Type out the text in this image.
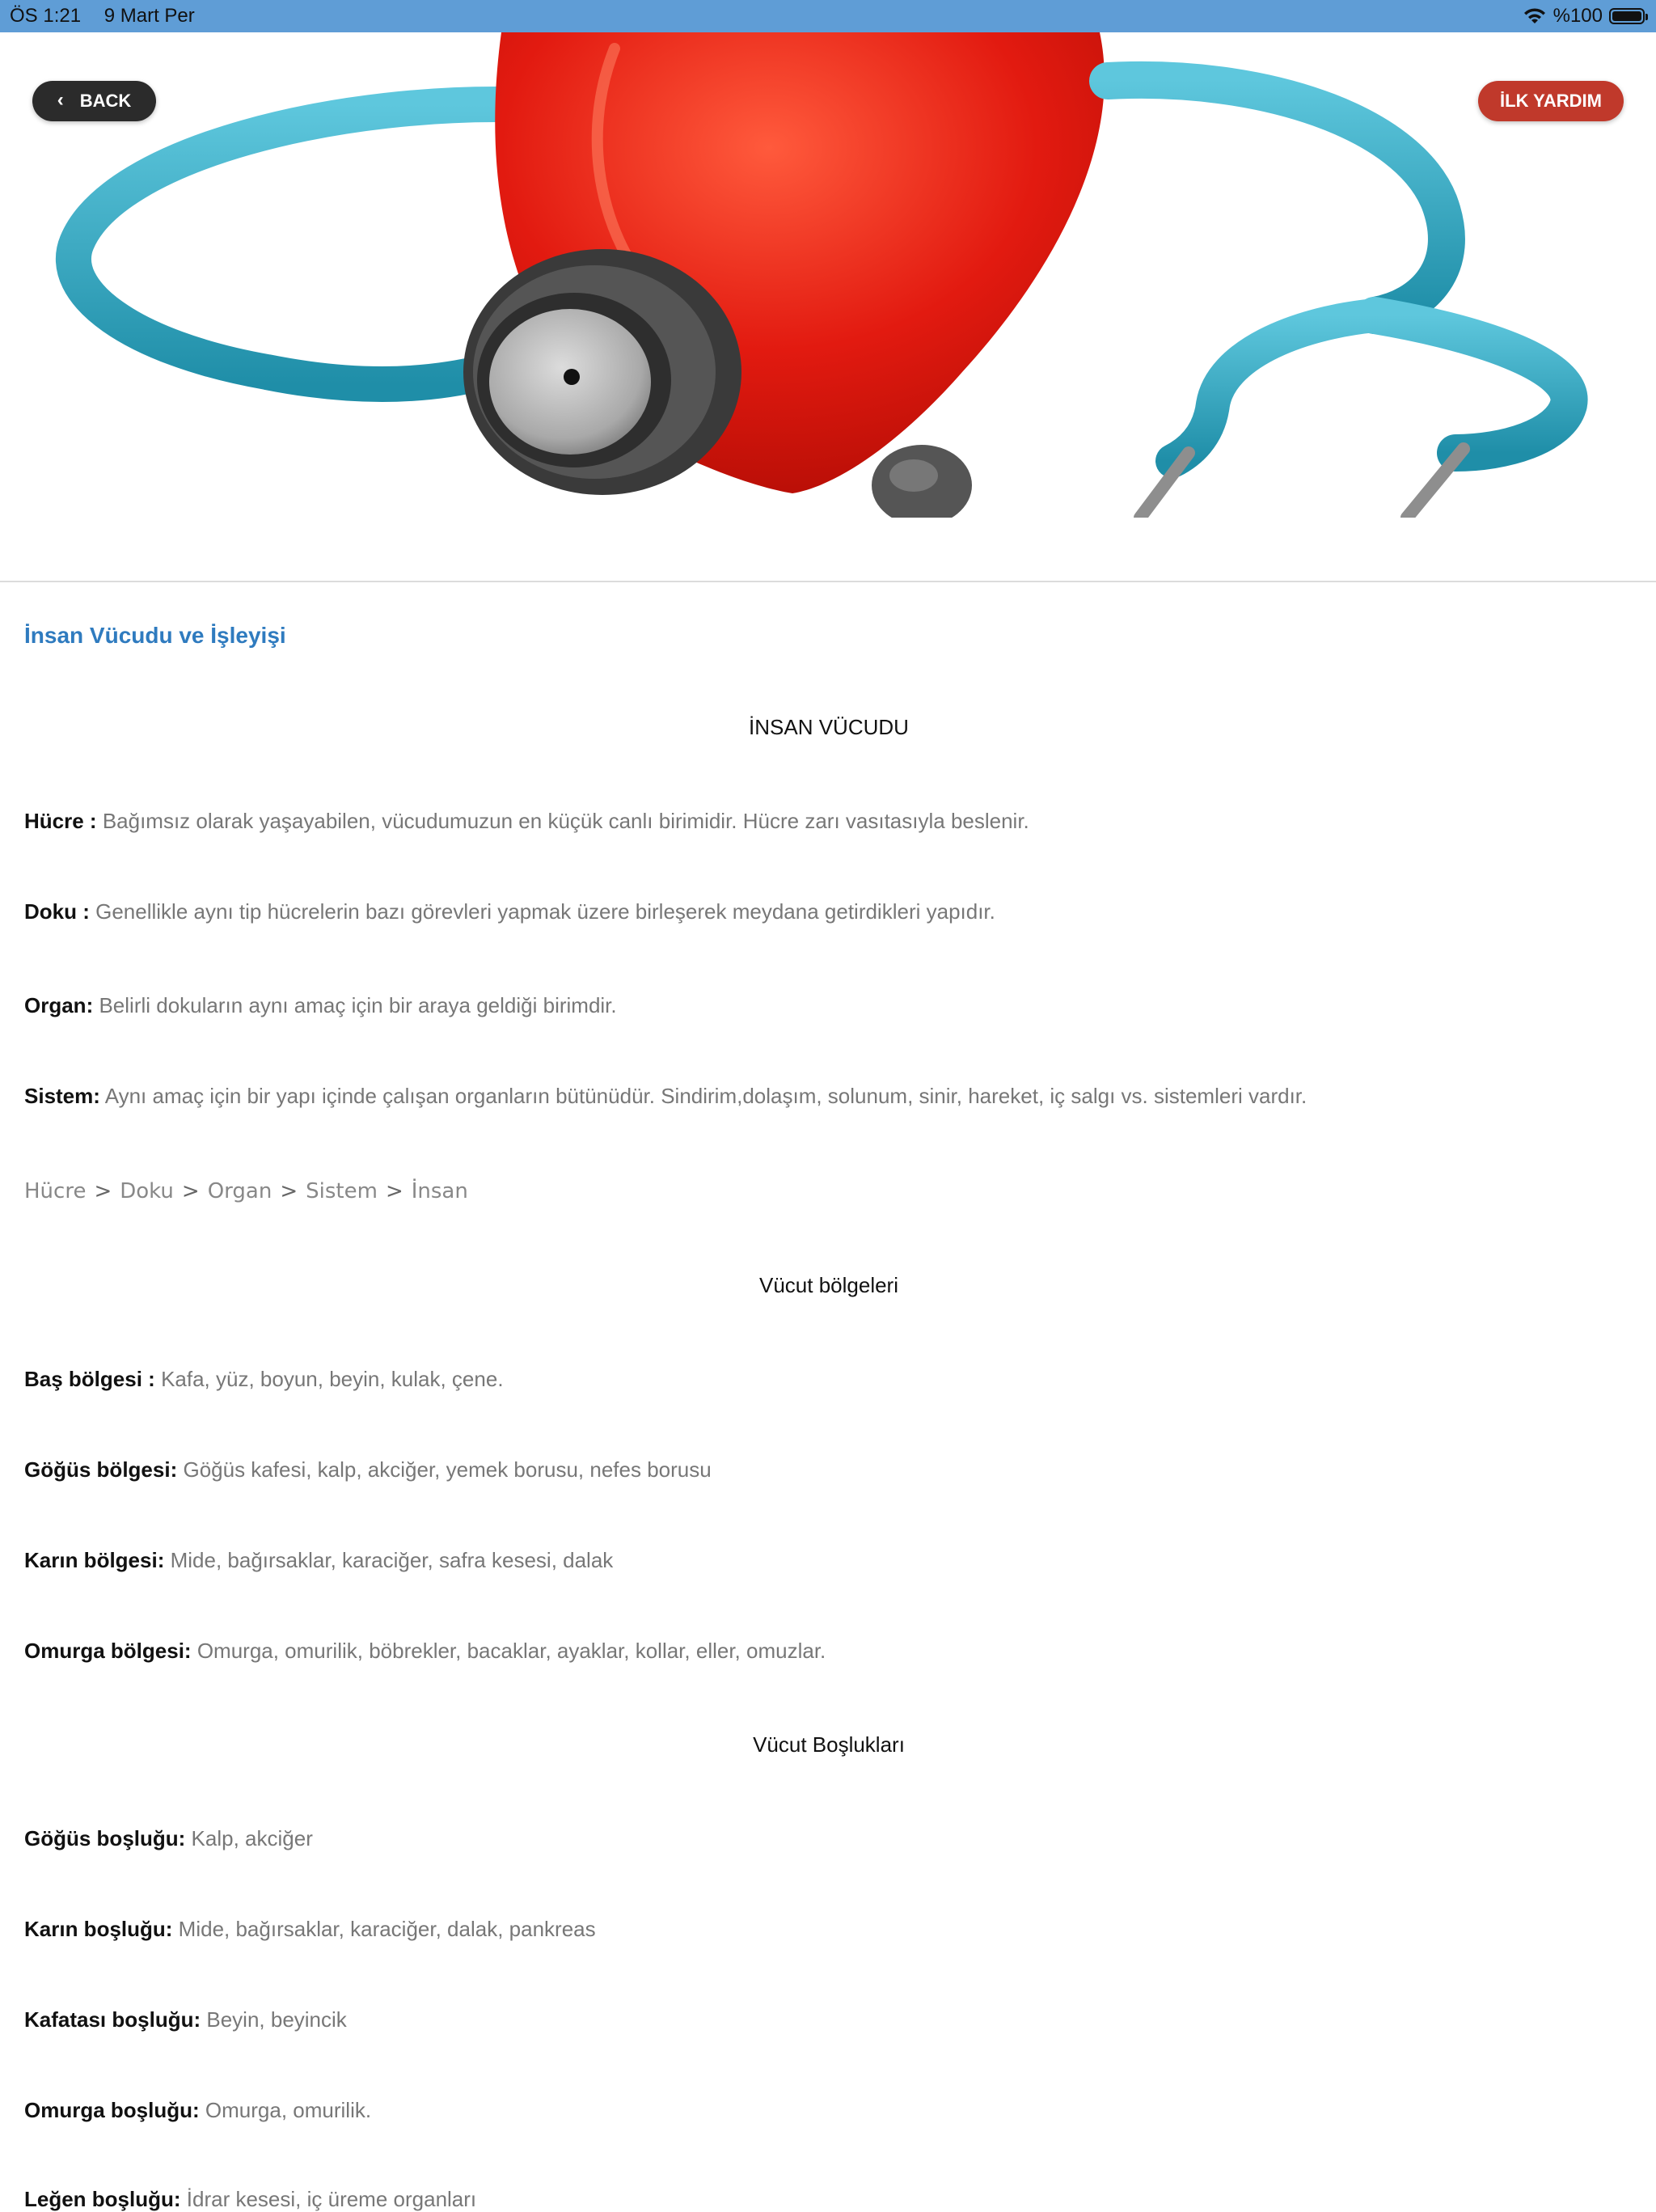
ÖS 1:21 9 Mart Per	%100
‹ BACK	İLK YARDIM
İnsan Vücudu ve İşleyişi
İNSAN VÜCUDU
Hücre : Bağımsız olarak yaşayabilen, vücudumuzun en küçük canlı birimidir. Hücre zarı vasıtasıyla beslenir.
Doku : Genellikle aynı tip hücrelerin bazı görevleri yapmak üzere birleşerek meydana getirdikleri yapıdır.
Organ: Belirli dokuların aynı amaç için bir araya geldiği birimdir.
Sistem: Aynı amaç için bir yapı içinde çalışan organların bütünüdür. Sindirim,dolaşım, solunum, sinir, hareket, iç salgı vs. sistemleri vardır.
Hücre > Doku > Organ > Sistem > İnsan
Vücut bölgeleri
Baş bölgesi : Kafa, yüz, boyun, beyin, kulak, çene.
Göğüs bölgesi: Göğüs kafesi, kalp, akciğer, yemek borusu, nefes borusu
Karın bölgesi: Mide, bağırsaklar, karaciğer, safra kesesi, dalak
Omurga bölgesi: Omurga, omurilik, böbrekler, bacaklar, ayaklar, kollar, eller, omuzlar.
Vücut Boşlukları
Göğüs boşluğu: Kalp, akciğer
Karın boşluğu: Mide, bağırsaklar, karaciğer, dalak, pankreas
Kafatası boşluğu: Beyin, beyincik
Omurga boşluğu: Omurga, omurilik.
Leğen boşluğu: İdrar kesesi, iç üreme organları
